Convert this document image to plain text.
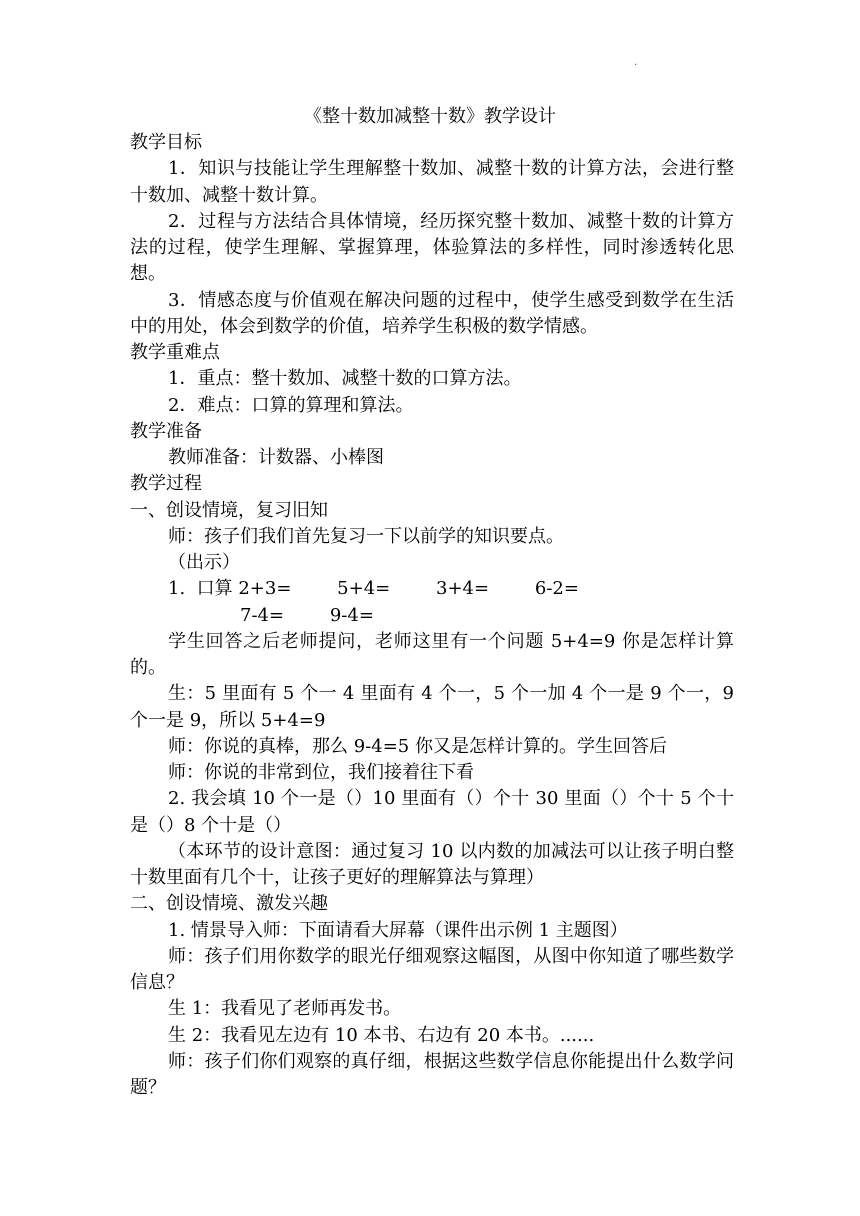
.
《整十数加减整十数》教学设计

教学目标

1．知识与技能让学生理解整十数加、减整十数的计算方法，会进行整十数加、减整十数计算。

2．过程与方法结合具体情境，经历探究整十数加、减整十数的计算方法的过程，使学生理解、掌握算理，体验算法的多样性，同时渗透转化思想。

3．情感态度与价值观在解决问题的过程中，使学生感受到数学在生活中的用处，体会到数学的价值，培养学生积极的数学情感。

教学重难点

1．重点：整十数加、减整十数的口算方法。

2．难点：口算的算理和算法。

教学准备

教师准备：计数器、小棒图

教学过程

一、创设情境，复习旧知

师：孩子们我们首先复习一下以前学的知识要点。

（出示）

1.  口算 2+3=        5+4=        3+4=        6-2=

7-4=        9-4=

学生回答之后老师提问，老师这里有一个问题 5+4=9 你是怎样计算的。

生：5 里面有 5 个一 4 里面有 4 个一，5 个一加 4 个一是 9 个一，9 个一是 9，所以 5+4=9

师：你说的真棒，那么 9-4=5 你又是怎样计算的。学生回答后

师：你说的非常到位，我们接着往下看

2. 我会填 10 个一是（）10 里面有（）个十 30 里面（）个十 5 个十是（）8 个十是（）

（本环节的设计意图：通过复习 10 以内数的加减法可以让孩子明白整十数里面有几个十，让孩子更好的理解算法与算理）

二、创设情境、激发兴趣

1. 情景导入师：下面请看大屏幕（课件出示例 1 主题图）

师：孩子们用你数学的眼光仔细观察这幅图，从图中你知道了哪些数学信息？

生 1：我看见了老师再发书。

生 2：我看见左边有 10 本书、右边有 20 本书。......

师：孩子们你们观察的真仔细，根据这些数学信息你能提出什么数学问题？
